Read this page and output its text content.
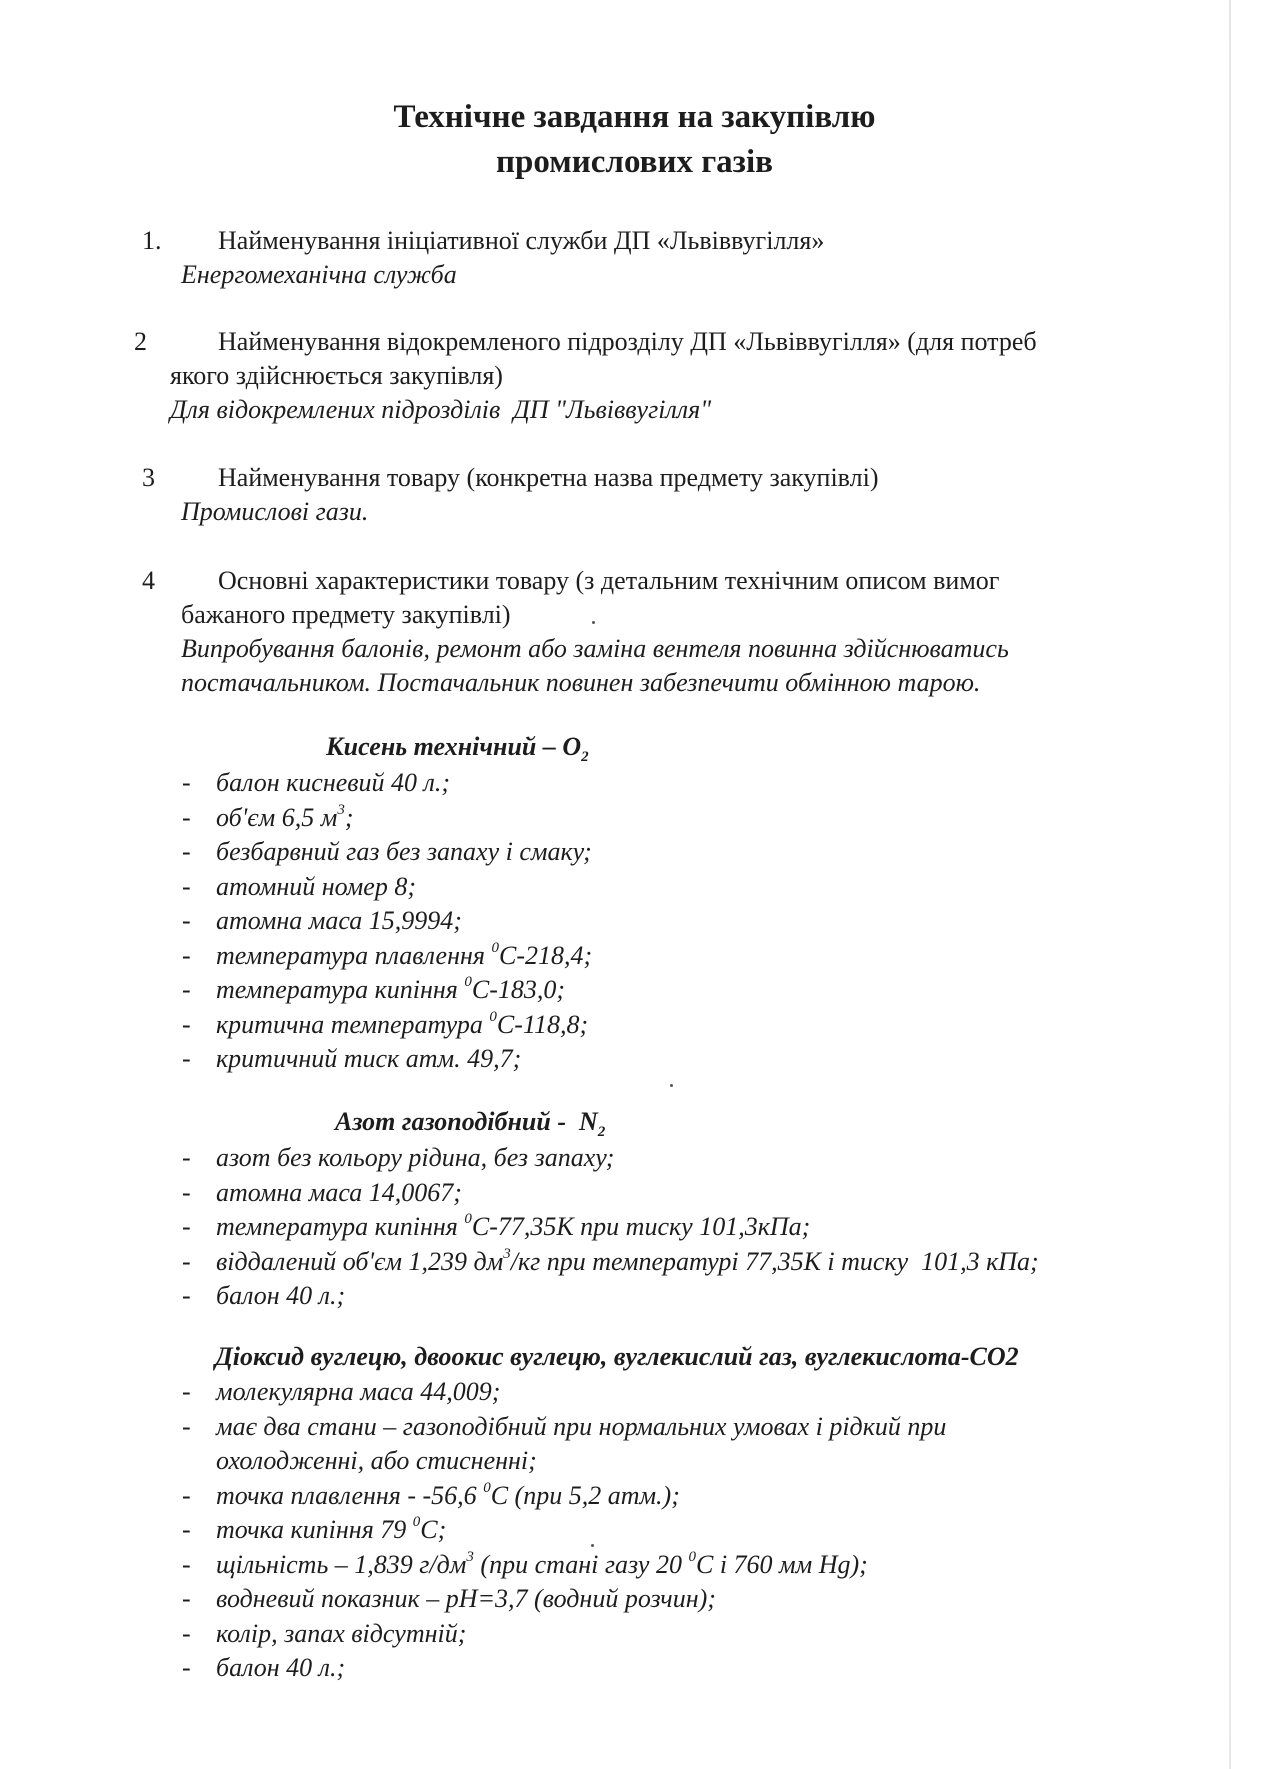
Технічне завдання на закупівлю
промислових газів
1. Найменування ініціативної служби ДП «Львіввугілля»
Енергомеханічна служба
2	Найменування відокремленого підрозділу ДП «Львіввугілля» (для потреб
якого здійснюється закупівля)
Для відокремлених підрозділів  ДП "Львіввугілля"
3 Найменування товару (конкретна назва предмету закупівлі)
Промислові гази.
4 Основні характеристики товару (з детальним технічним описом вимог
бажаного предмету закупівлі)
Випробування балонів, ремонт або заміна вентеля повинна здійснюватись
постачальником. Постачальник повинен забезпечити обмінною тарою.
Кисень технічний – $О_2$
- балон кисневий 40 л.;
- об'єм 6,5 $м^3$;
- безбарвний газ без запаху і смаку;
- атомний номер 8;
- атомна маса 15,9994;
- температура плавлення $^0$С-218,4;
- температура кипіння $^0$С-183,0;
- критична температура $^0$С-118,8;
- критичний тиск атм. 49,7;
Азот газоподібний -  $N_2$
- азот без кольору рідина, без запаху;
- атомна маса 14,0067;
- температура кипіння $^0$С-77,35К при тиску 101,3кПа;
- віддалений об'єм 1,239 $дм^3/кг$ при температурі 77,35К і тиску  101,3 кПа;
- балон 40 л.;
Діоксид вуглецю, двоокис вуглецю, вуглекислий газ, вуглекислота-СО2
- молекулярна маса 44,009;
- має два стани – газоподібний при нормальних умовах і рідкий при
охолодженні, або стисненні;
- точка плавлення - -56,6 $^0$С (при 5,2 атм.);
- точка кипіння 79 $^0$С;
- щільність – 1,839 $г/дм^3$ (при стані газу 20 $^0$С і 760 мм Hg);
- водневий показник – рН=3,7 (водний розчин);
- колір, запах відсутній;
- балон 40 л.;
